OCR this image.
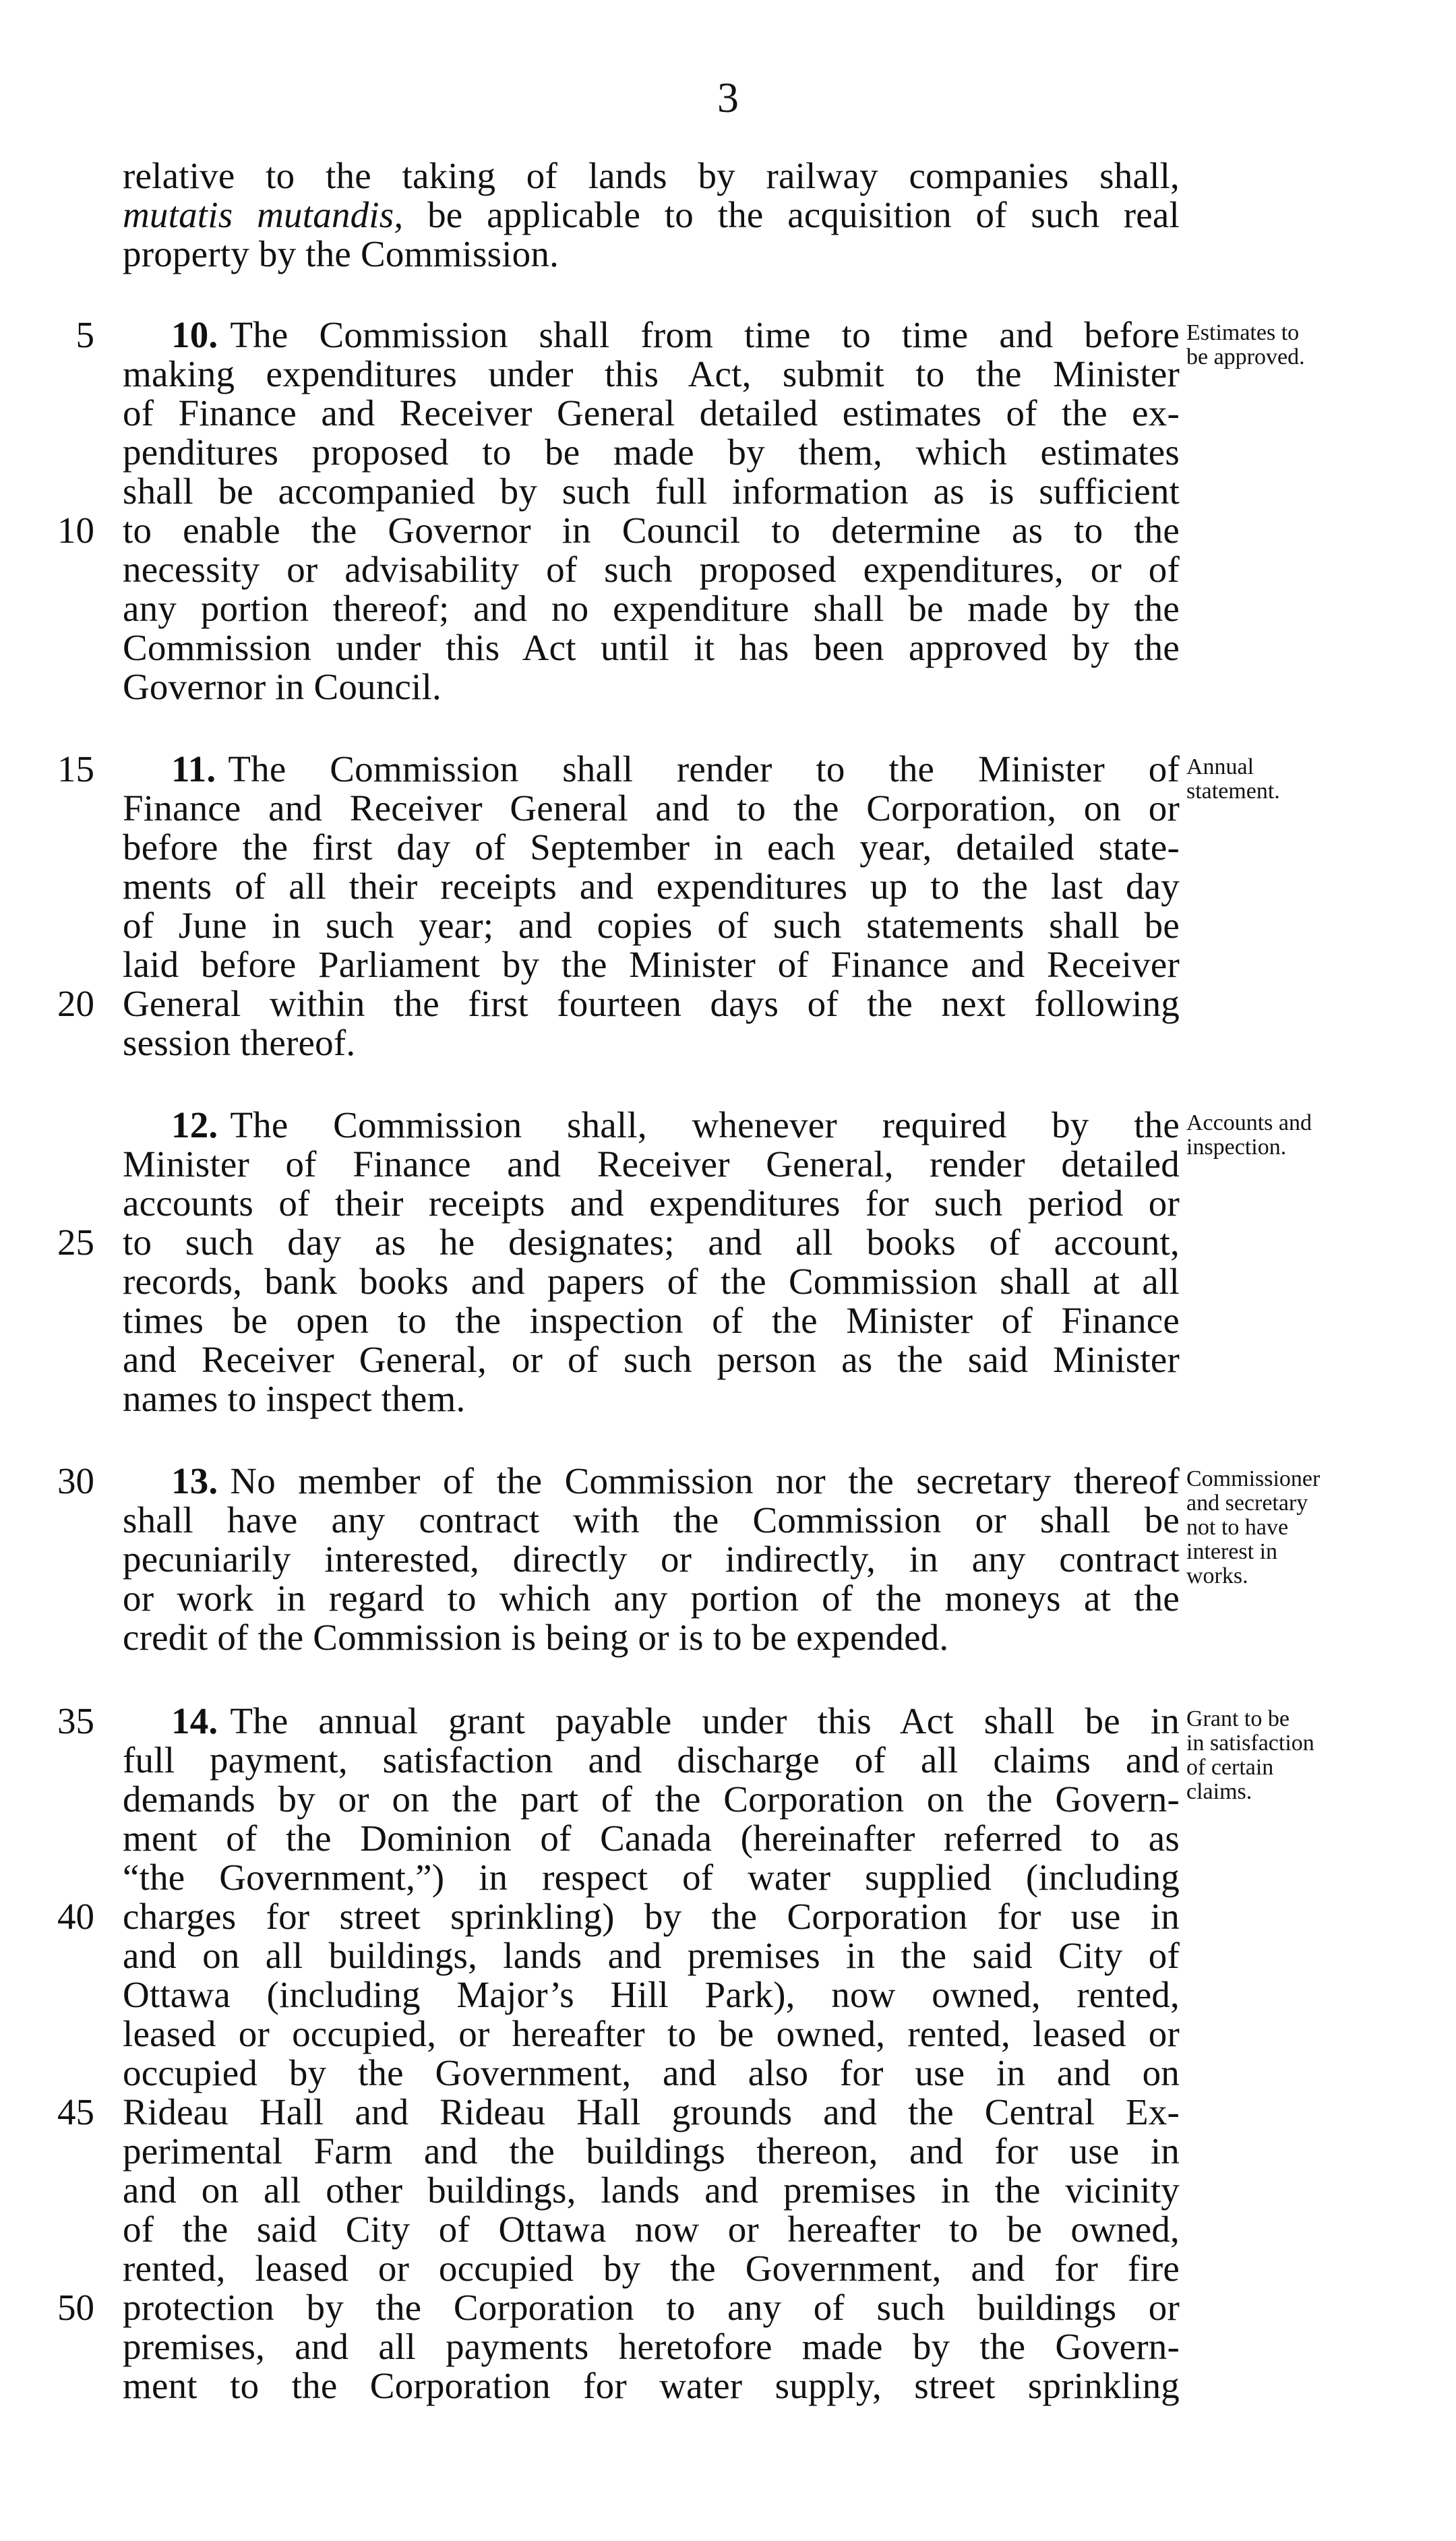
3
relative to the taking of lands by railway companies shall,
mutatis mutandis, be applicable to the acquisition of such real
property by the Commission.
5	10. The Commission shall from time to time and before Estimates to
be approved.
making expenditures under this Act, submit to the Minister
of Finance and Receiver General detailed estimates of the ex-
penditures proposed to be made by them, which estimates
shall be accompanied by such full information as is sufficient
10 to enable the Governor in Council to determine as to the
necessity or advisability of such proposed expenditures, or of
any portion thereof; and no expenditure shall be made by the
Commission under this Act until it has been approved by the
Governor in Council.
15	11. The Commission shall render to the Minister of Annual
statement.
Finance and Receiver General and to the Corporation, on or
before the first day of September in each year, detailed state-
ments of all their receipts and expenditures up to the last day
of June in such year; and copies of such statements shall be
laid before Parliament by the Minister of Finance and Receiver
20 General within the first fourteen days of the next following
session thereof.
12. The Commission shall, whenever required by the Accounts and
inspection.
Minister of Finance and Receiver General, render detailed
accounts of their receipts and expenditures for such period or
25 to such day as he designates; and all books of account,
records, bank books and papers of the Commission shall at all
times be open to the inspection of the Minister of Finance
and Receiver General, or of such person as the said Minister
names to inspect them.
30	13. No member of the Commission nor the secretary thereof Commissioner
and secretary
not to have
interest in
works.
shall have any contract with the Commission or shall be
pecuniarily interested, directly or indirectly, in any contract
or work in regard to which any portion of the moneys at the
credit of the Commission is being or is to be expended.
35	14. The annual grant payable under this Act shall be in Grant to be
in satisfaction
of certain
claims.
full payment, satisfaction and discharge of all claims and
demands by or on the part of the Corporation on the Govern-
ment of the Dominion of Canada (hereinafter referred to as
“the Government,”) in respect of water supplied (including
40 charges for street sprinkling) by the Corporation for use in
and on all buildings, lands and premises in the said City of
Ottawa (including Major’s Hill Park), now owned, rented,
leased or occupied, or hereafter to be owned, rented, leased or
occupied by the Government, and also for use in and on
45 Rideau Hall and Rideau Hall grounds and the Central Ex-
perimental Farm and the buildings thereon, and for use in
and on all other buildings, lands and premises in the vicinity
of the said City of Ottawa now or hereafter to be owned,
rented, leased or occupied by the Government, and for fire
50 protection by the Corporation to any of such buildings or
premises, and all payments heretofore made by the Govern-
ment to the Corporation for water supply, street sprinkling
